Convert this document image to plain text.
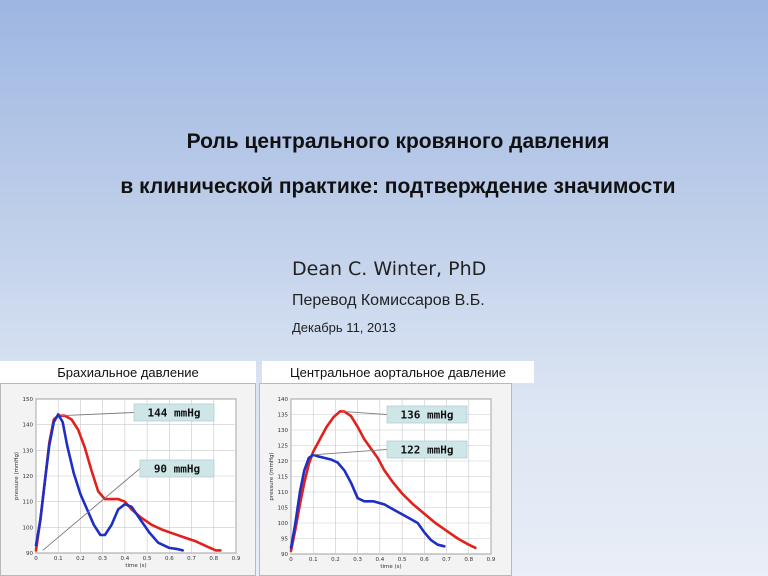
Роль центрального кровяного давления
в клинической практике: подтверждение значимости
Dean C. Winter, PhD
Перевод Комиссаров В.Б.
Декабрь 11, 2013
Брахиальное давление	Центральное аортальное давление
0	0.1 0.2 0.3 0.4 0.5 0.6 0.7 0.8 0.9
90
100
110
120
130
140
150
time (s)
pressure (mmHg)
144 mmHg
90 mmHg
0	0.1 0.2 0.3 0.4 0.5 0.6 0.7 0.8 0.9
90
95
100
105
110
115
120
125
130
135
140
time (s)
pressure (mmHg)
136 mmHg
122 mmHg
